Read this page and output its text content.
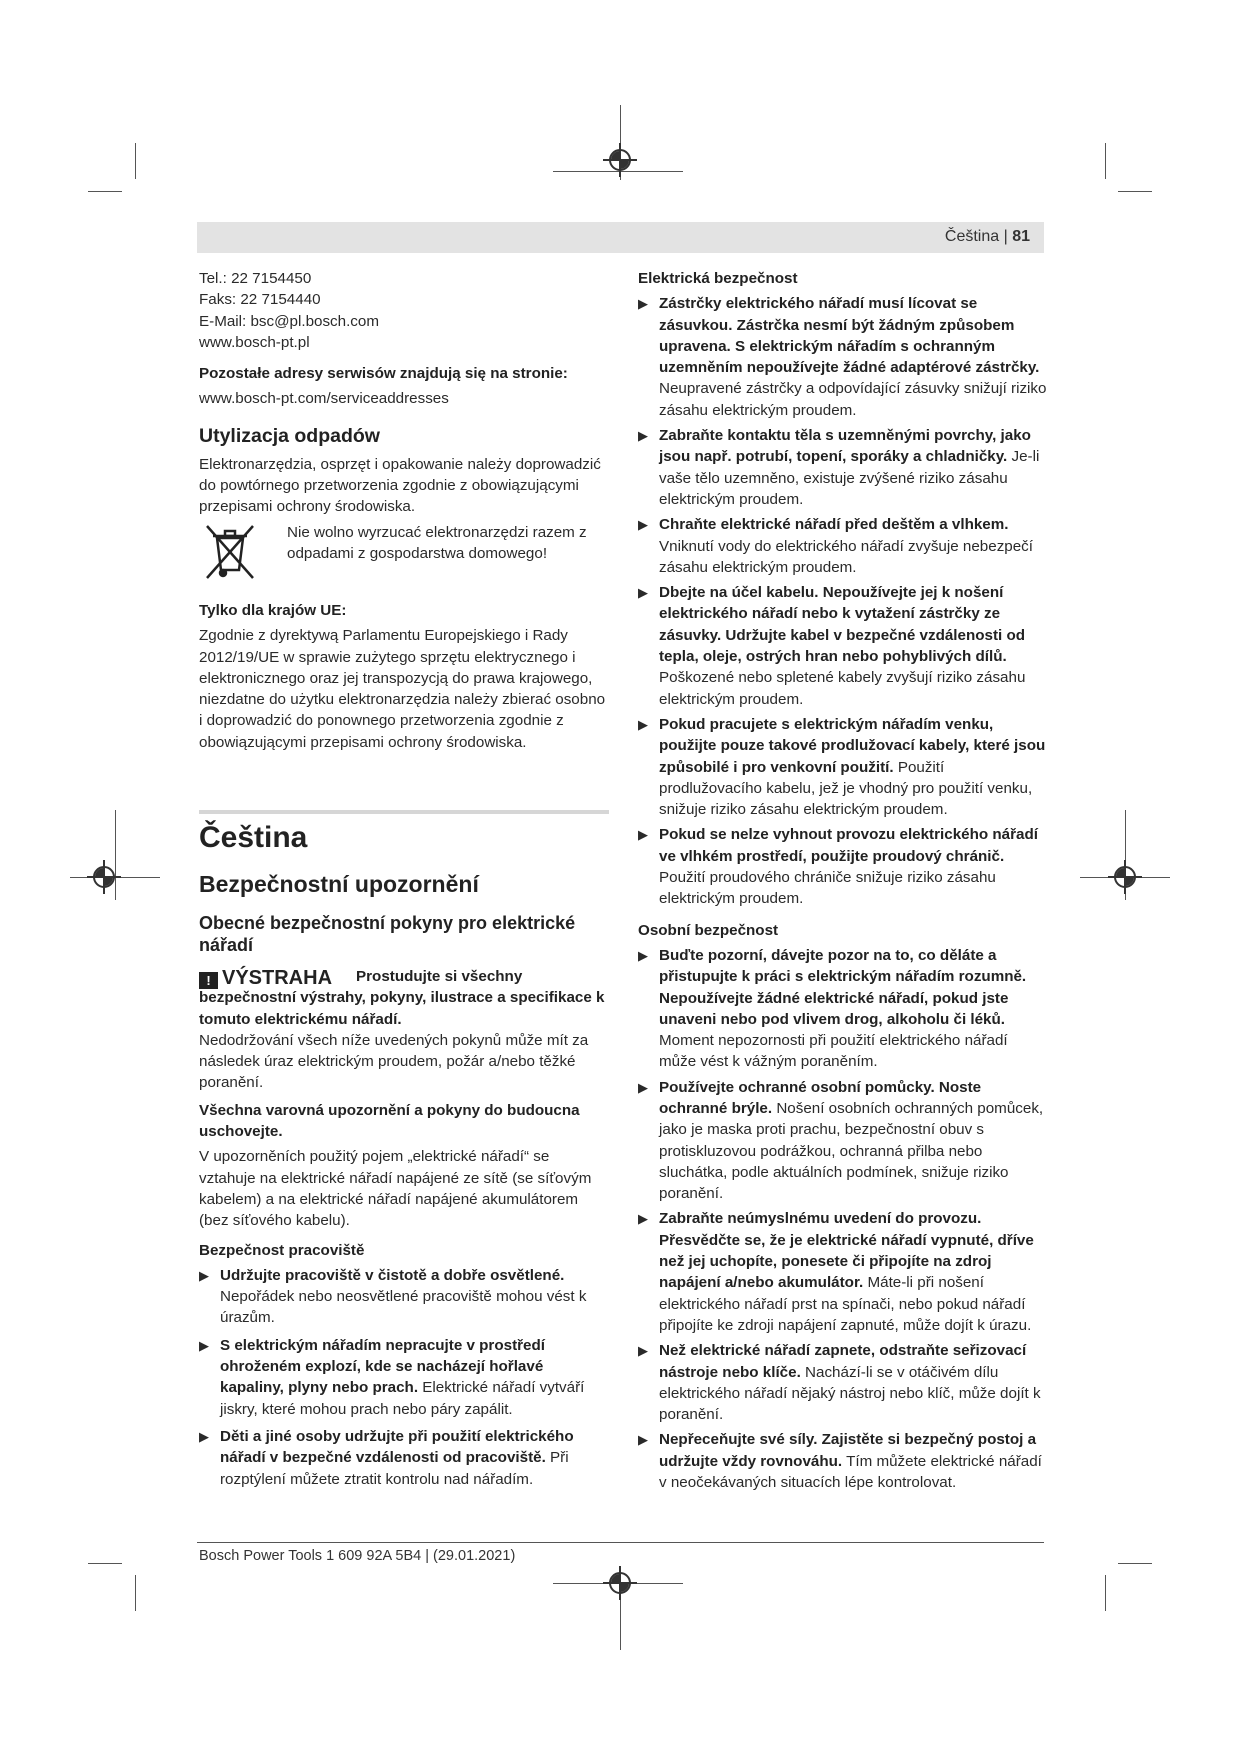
Čeština | 81

Tel.: 22 7154450

Faks: 22 7154440

E-Mail: bsc@pl.bosch.com

www.bosch-pt.pl

Pozostałe adresy serwisów znajdują się na stronie:

www.bosch-pt.com/serviceaddresses

Utylizacja odpadów

Elektronarzędzia, osprzęt i opakowanie należy doprowadzić do powtórnego przetworzenia zgodnie z obowiązującymi przepisami ochrony środowiska.

Nie wolno wyrzucać elektronarzędzi razem z odpadami z gospodarstwa domowego!

Tylko dla krajów UE:

Zgodnie z dyrektywą Parlamentu Europejskiego i Rady 2012/19/UE w sprawie zużytego sprzętu elektrycznego i elektronicznego oraz jej transpozycją do prawa krajowego, niezdatne do użytku elektronarzędzia należy zbierać osobno i doprowadzić do ponownego przetworzenia zgodnie z obowiązującymi przepisami ochrony środowiska.

Čeština

Bezpečnostní upozornění

Obecné bezpečnostní pokyny pro elektrické nářadí

! VÝSTRAHA	Prostudujte si všechny bezpečnostní výstrahy, pokyny, ilustrace a specifikace k tomuto elektrickému nářadí.

Nedodržování všech níže uvedených pokynů může mít za následek úraz elektrickým proudem, požár a/nebo těžké poranění.

Všechna varovná upozornění a pokyny do budoucna uschovejte.

V upozorněních použitý pojem „elektrické nářadí“ se vztahuje na elektrické nářadí napájené ze sítě (se síťovým kabelem) a na elektrické nářadí napájené akumulátorem (bez síťového kabelu).

Bezpečnost pracoviště

▶ Udržujte pracoviště v čistotě a dobře osvětlené. Nepořádek nebo neosvětlené pracoviště mohou vést k úrazům.
▶ S elektrickým nářadím nepracujte v prostředí ohroženém explozí, kde se nacházejí hořlavé kapaliny, plyny nebo prach. Elektrické nářadí vytváří jiskry, které mohou prach nebo páry zapálit.
▶ Děti a jiné osoby udržujte při použití elektrického nářadí v bezpečné vzdálenosti od pracoviště. Při rozptýlení můžete ztratit kontrolu nad nářadím.

Elektrická bezpečnost

▶ Zástrčky elektrického nářadí musí lícovat se zásuvkou. Zástrčka nesmí být žádným způsobem upravena. S elektrickým nářadím s ochranným uzemněním nepoužívejte žádné adaptérové zástrčky. Neupravené zástrčky a odpovídající zásuvky snižují riziko zásahu elektrickým proudem.
▶ Zabraňte kontaktu těla s uzemněnými povrchy, jako jsou např. potrubí, topení, sporáky a chladničky. Je-li vaše tělo uzemněno, existuje zvýšené riziko zásahu elektrickým proudem.
▶ Chraňte elektrické nářadí před deštěm a vlhkem. Vniknutí vody do elektrického nářadí zvyšuje nebezpečí zásahu elektrickým proudem.
▶ Dbejte na účel kabelu. Nepoužívejte jej k nošení elektrického nářadí nebo k vytažení zástrčky ze zásuvky. Udržujte kabel v bezpečné vzdálenosti od tepla, oleje, ostrých hran nebo pohyblivých dílů. Poškozené nebo spletené kabely zvyšují riziko zásahu elektrickým proudem.
▶ Pokud pracujete s elektrickým nářadím venku, použijte pouze takové prodlužovací kabely, které jsou způsobilé i pro venkovní použití. Použití prodlužovacího kabelu, jež je vhodný pro použití venku, snižuje riziko zásahu elektrickým proudem.
▶ Pokud se nelze vyhnout provozu elektrického nářadí ve vlhkém prostředí, použijte proudový chránič. Použití proudového chrániče snižuje riziko zásahu elektrickým proudem.

Osobní bezpečnost

▶ Buďte pozorní, dávejte pozor na to, co děláte a přistupujte k práci s elektrickým nářadím rozumně. Nepoužívejte žádné elektrické nářadí, pokud jste unaveni nebo pod vlivem drog, alkoholu či léků. Moment nepozornosti při použití elektrického nářadí může vést k vážným poraněním.
▶ Používejte ochranné osobní pomůcky. Noste ochranné brýle. Nošení osobních ochranných pomůcek, jako je maska proti prachu, bezpečnostní obuv s protiskluzovou podrážkou, ochranná přilba nebo sluchátka, podle aktuálních podmínek, snižuje riziko poranění.
▶ Zabraňte neúmyslnému uvedení do provozu. Přesvědčte se, že je elektrické nářadí vypnuté, dříve než jej uchopíte, ponesete či připojíte na zdroj napájení a/nebo akumulátor. Máte-li při nošení elektrického nářadí prst na spínači, nebo pokud nářadí připojíte ke zdroji napájení zapnuté, může dojít k úrazu.
▶ Než elektrické nářadí zapnete, odstraňte seřizovací nástroje nebo klíče. Nachází-li se v otáčivém dílu elektrického nářadí nějaký nástroj nebo klíč, může dojít k poranění.
▶ Nepřeceňujte své síly. Zajistěte si bezpečný postoj a udržujte vždy rovnováhu. Tím můžete elektrické nářadí v neočekávaných situacích lépe kontrolovat.
Bosch Power Tools 1 609 92A 5B4 | (29.01.2021)
